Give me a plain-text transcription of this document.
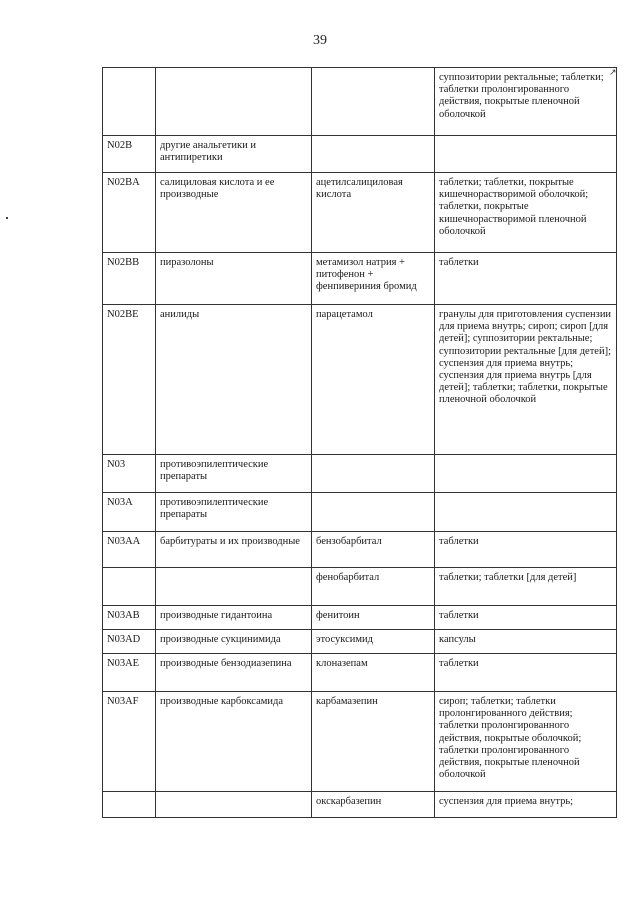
39
↗
			суппозитории ректальные; таблетки; таблетки пролонгированного действия, покрытые пленочной оболочкой
N02B	другие анальгетики и антипиретики		
N02BA	салициловая кислота и ее производные	ацетилсалициловая кислота	таблетки; таблетки, покрытые кишечнорастворимой оболочкой; таблетки, покрытые кишечнорастворимой пленочной оболочкой
N02BB	пиразолоны	метамизол натрия + питофенон + фенпивериния бромид	таблетки
N02BE	анилиды	парацетамол	гранулы для приготовления суспензии для приема внутрь; сироп; сироп [для детей]; суппозитории ректальные; суппозитории ректальные [для детей]; суспензия для приема внутрь; суспензия для приема внутрь [для детей]; таблетки; таблетки, покрытые пленочной оболочкой
N03	противоэпилептические препараты		
N03A	противоэпилептические препараты		
N03AA	барбитураты и их производные	бензобарбитал	таблетки
		фенобарбитал	таблетки; таблетки [для детей]
N03AB	производные гидантоина	фенитоин	таблетки
N03AD	производные сукцинимида	этосуксимид	капсулы
N03AE	производные бензодиазепина	клоназепам	таблетки
N03AF	производные карбоксамида	карбамазепин	сироп; таблетки; таблетки пролонгированного действия; таблетки пролонгированного действия, покрытые оболочкой; таблетки пролонгированного действия, покрытые пленочной оболочкой
		окскарбазепин	суспензия для приема внутрь;
